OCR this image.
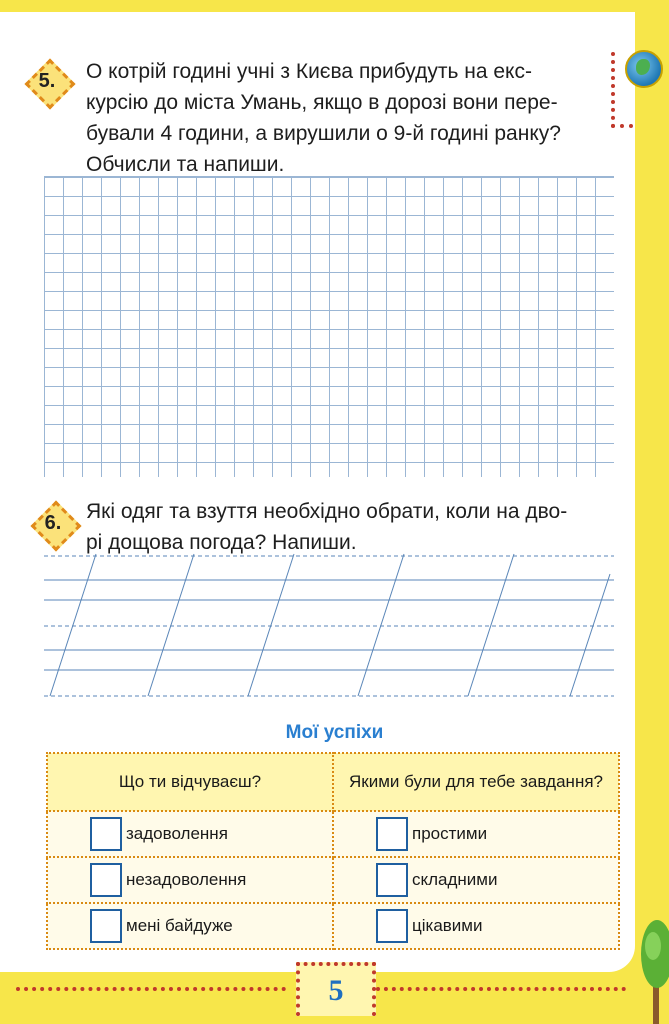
5.	О котрій годині учні з Києва прибудуть на екс-

курсію до міста Умань, якщо в дорозі вони пере-

бували 4 години, а вирушили о 9-й годині ранку?

Обчисли та напиши.

6.	Які одяг та взуття необхідно обрати, коли на дво-

рі дощова погода? Напиши.

Мої успіхи
Що ти відчуваєш?	Якими були для тебе завдання?

задоволення	простими

незадоволення	складними

мені байдуже	цікавими
5
